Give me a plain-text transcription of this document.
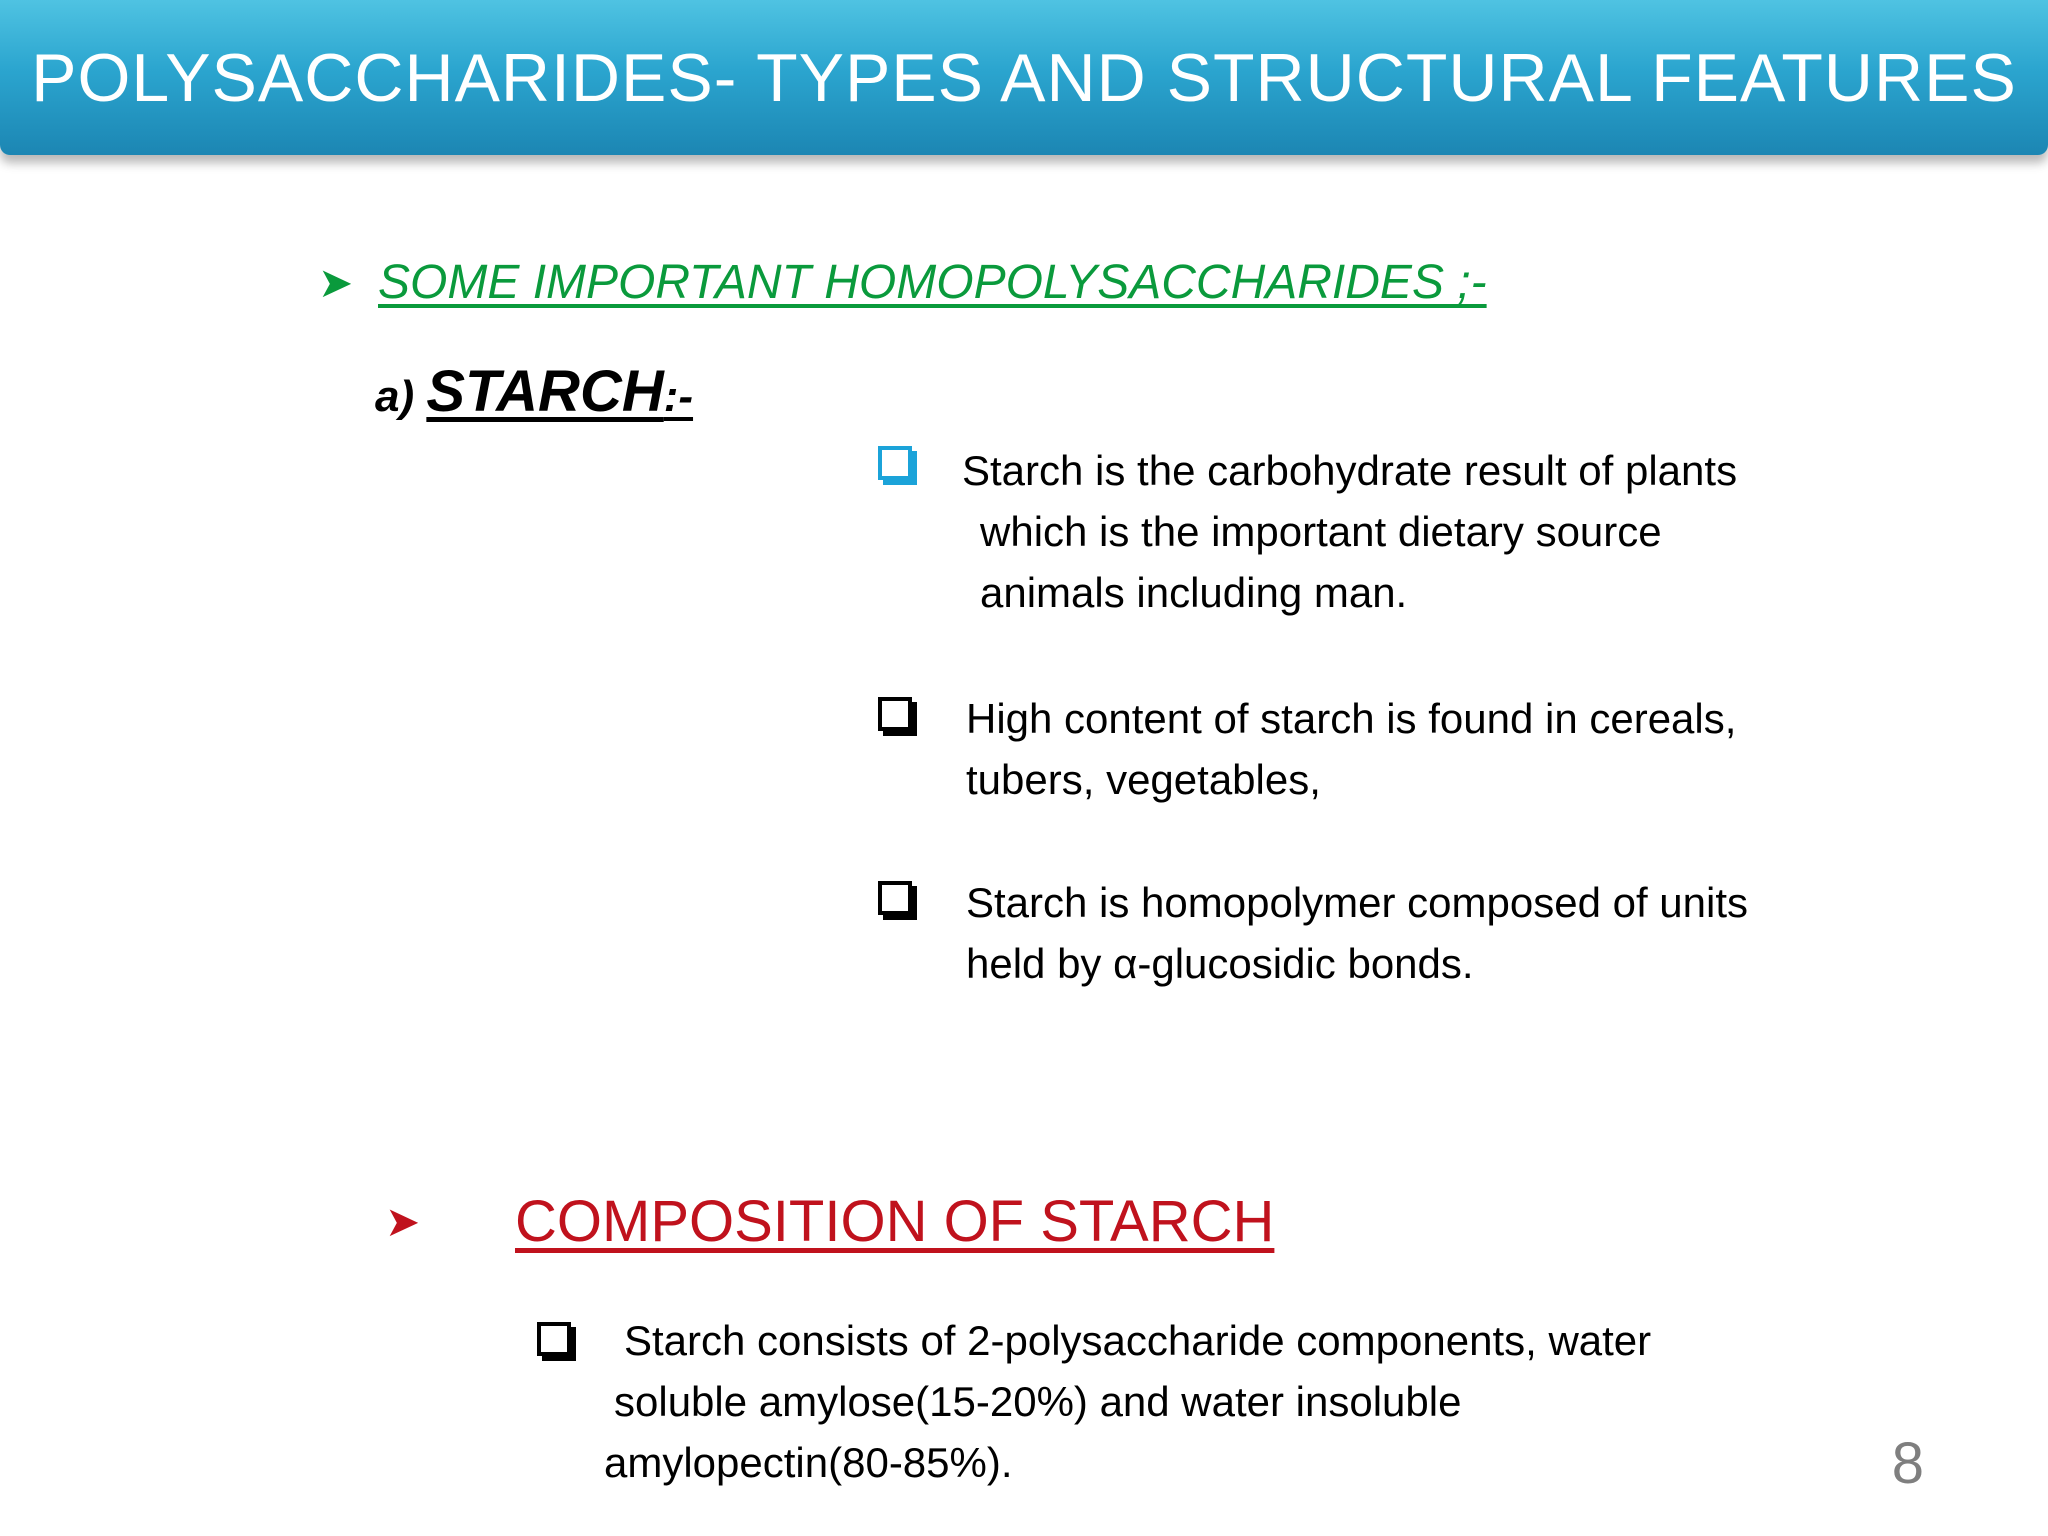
POLYSACCHARIDES- TYPES AND STRUCTURAL FEATURES
➤ SOME IMPORTANT HOMOPOLYSACCHARIDES ;-
a) STARCH:-
Starch is the carbohydrate result of plants
which is the important dietary source
animals including man.
High content of starch is found in cereals,
tubers, vegetables,
Starch is homopolymer composed of units
held by α-glucosidic bonds.
➤	COMPOSITION OF STARCH
Starch consists of 2-polysaccharide components, water
soluble amylose(15-20%) and water insoluble
amylopectin(80-85%).	8
